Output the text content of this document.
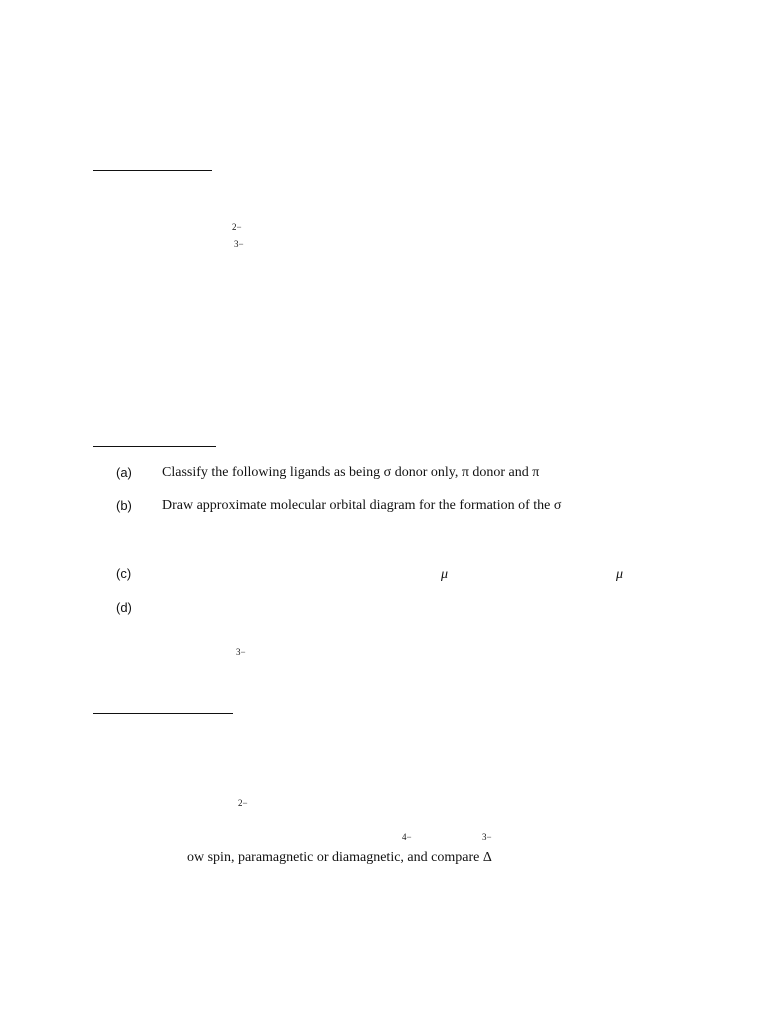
2−
3−
(a) Classify the following ligands as being σ donor only, π donor and π
(b) Draw approximate molecular orbital diagram for the formation of the σ
(c)	μ	μ
(d)
3−
2−
4−	3−
ow spin, paramagnetic or diamagnetic, and compare Δ
